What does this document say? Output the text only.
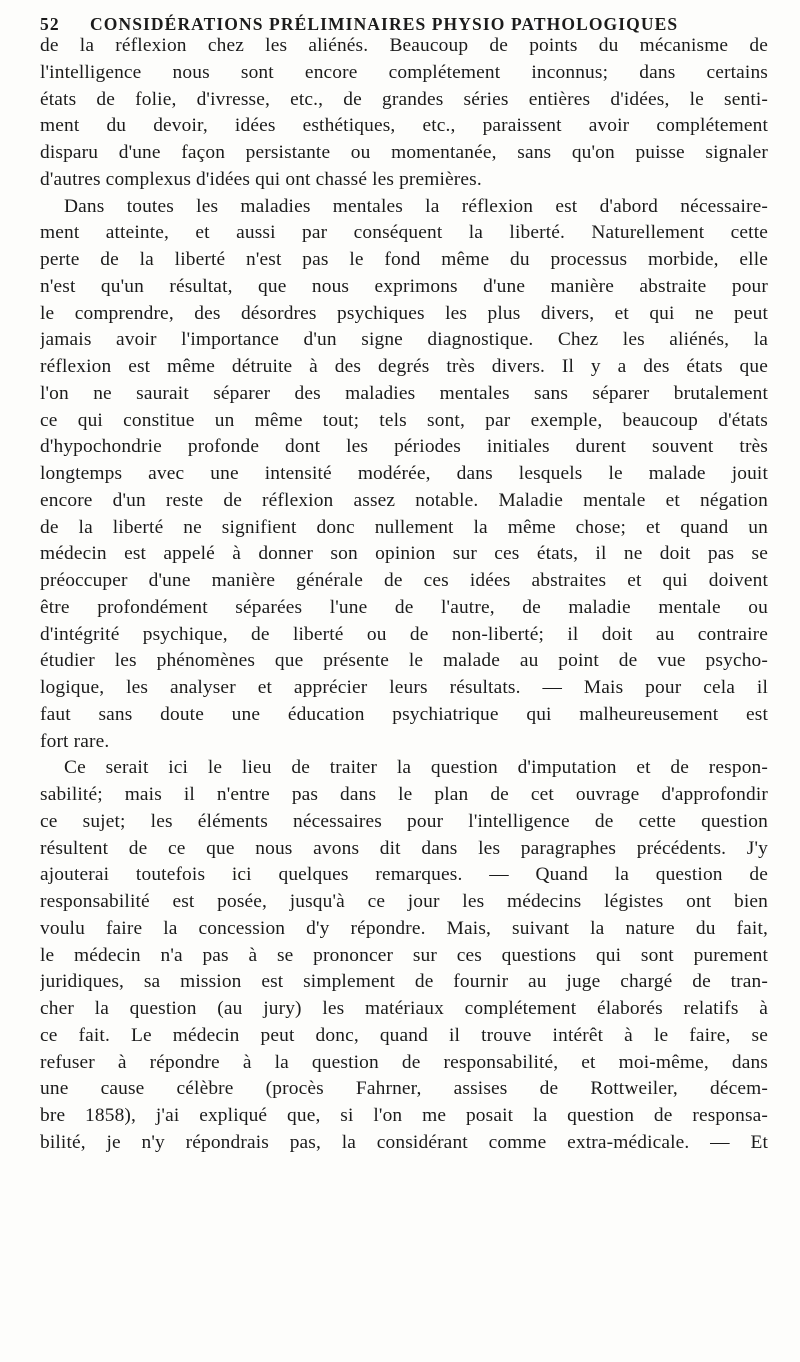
52 CONSIDÉRATIONS PRÉLIMINAIRES PHYSIO PATHOLOGIQUES
de la réflexion chez les aliénés. Beaucoup de points du mécanisme de
l'intelligence nous sont encore complétement inconnus; dans certains
états de folie, d'ivresse, etc., de grandes séries entières d'idées, le senti-
ment du devoir, idées esthétiques, etc., paraissent avoir complétement
disparu d'une façon persistante ou momentanée, sans qu'on puisse signaler
d'autres complexus d'idées qui ont chassé les premières.
Dans toutes les maladies mentales la réflexion est d'abord nécessaire-
ment atteinte, et aussi par conséquent la liberté. Naturellement cette
perte de la liberté n'est pas le fond même du processus morbide, elle
n'est qu'un résultat, que nous exprimons d'une manière abstraite pour
le comprendre, des désordres psychiques les plus divers, et qui ne peut
jamais avoir l'importance d'un signe diagnostique. Chez les aliénés, la
réflexion est même détruite à des degrés très divers. Il y a des états que
l'on ne saurait séparer des maladies mentales sans séparer brutalement
ce qui constitue un même tout; tels sont, par exemple, beaucoup d'états
d'hypochondrie profonde dont les périodes initiales durent souvent très
longtemps avec une intensité modérée, dans lesquels le malade jouit
encore d'un reste de réflexion assez notable. Maladie mentale et négation
de la liberté ne signifient donc nullement la même chose; et quand un
médecin est appelé à donner son opinion sur ces états, il ne doit pas se
préoccuper d'une manière générale de ces idées abstraites et qui doivent
être profondément séparées l'une de l'autre, de maladie mentale ou
d'intégrité psychique, de liberté ou de non-liberté; il doit au contraire
étudier les phénomènes que présente le malade au point de vue psycho-
logique, les analyser et apprécier leurs résultats. — Mais pour cela il
faut sans doute une éducation psychiatrique qui malheureusement est
fort rare.
Ce serait ici le lieu de traiter la question d'imputation et de respon-
sabilité; mais il n'entre pas dans le plan de cet ouvrage d'approfondir
ce sujet; les éléments nécessaires pour l'intelligence de cette question
résultent de ce que nous avons dit dans les paragraphes précédents. J'y
ajouterai toutefois ici quelques remarques. — Quand la question de
responsabilité est posée, jusqu'à ce jour les médecins légistes ont bien
voulu faire la concession d'y répondre. Mais, suivant la nature du fait,
le médecin n'a pas à se prononcer sur ces questions qui sont purement
juridiques, sa mission est simplement de fournir au juge chargé de tran-
cher la question (au jury) les matériaux complétement élaborés relatifs à
ce fait. Le médecin peut donc, quand il trouve intérêt à le faire, se
refuser à répondre à la question de responsabilité, et moi-même, dans
une cause célèbre (procès Fahrner, assises de Rottweiler, décem-
bre 1858), j'ai expliqué que, si l'on me posait la question de responsa-
bilité, je n'y répondrais pas, la considérant comme extra-médicale. — Et
